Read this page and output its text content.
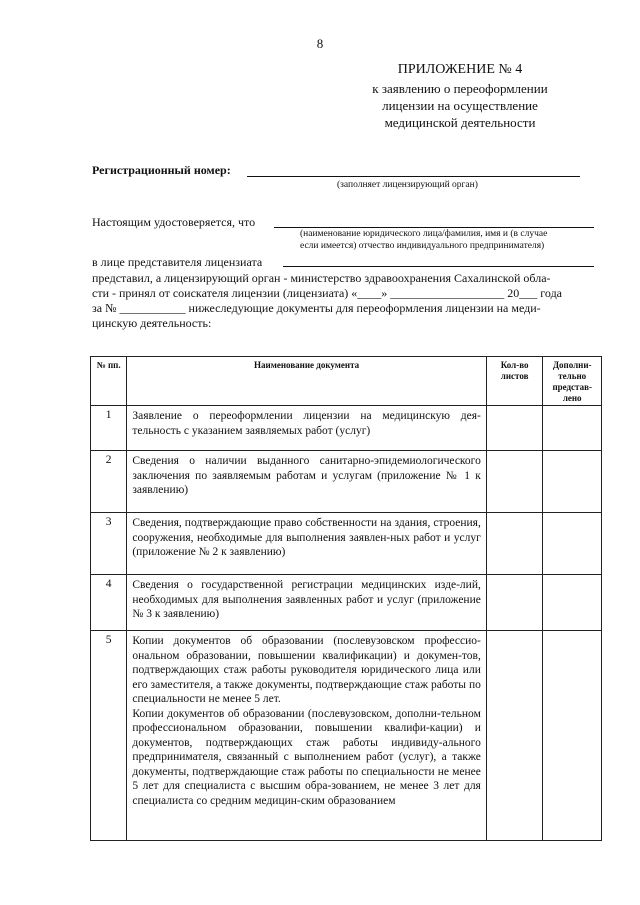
8
ПРИЛОЖЕНИЕ № 4
к заявлению о переоформлении
лицензии на осуществление
медицинской деятельности
Регистрационный номер:
(заполняет лицензирующий орган)
Настоящим удостоверяется, что
(наименование юридического лица/фамилия, имя и (в случае
если имеется) отчество индивидуального предпринимателя)
в лице представителя лицензиата
представил, а лицензирующий орган - министерство здравоохранения Сахалинской обла-
сти - принял от соискателя лицензии (лицензиата) «____» ___________________ 20___ года
за № ___________ нижеследующие документы для переоформления лицензии на меди-
цинскую деятельность:
№ пп.	Наименование документа	Кол-во листов	Дополни-тельно представ-лено
1	Заявление о переоформлении лицензии на медицинскую дея-тельность с указанием заявляемых работ (услуг)		
2	Сведения о наличии выданного санитарно-эпидемиологического заключения по заявляемым работам и услугам (приложение № 1 к заявлению)		
3	Сведения, подтверждающие право собственности на здания, строения, сооружения, необходимые для выполнения заявлен-ных работ и услуг (приложение № 2 к заявлению)		
4	Сведения о государственной регистрации медицинских изде-лий, необходимых для выполнения заявленных работ и услуг (приложение № 3 к заявлению)		
5	Копии документов об образовании (послевузовском профессио-ональном образовании, повышении квалификации) и докумен-тов, подтверждающих стаж работы руководителя юридического лица или его заместителя, а также документы, подтверждающие стаж работы по специальности не менее 5 лет.
Копии документов об образовании (послевузовском, дополни-тельном профессиональном образовании, повышении квалифи-кации) и документов, подтверждающих стаж работы индивиду-ального предпринимателя, связанный с выполнением работ (услуг), а также документы, подтверждающие стаж работы по специальности не менее 5 лет для специалиста с высшим обра-зованием, не менее 3 лет для специалиста со средним медицин-ским образованием		
